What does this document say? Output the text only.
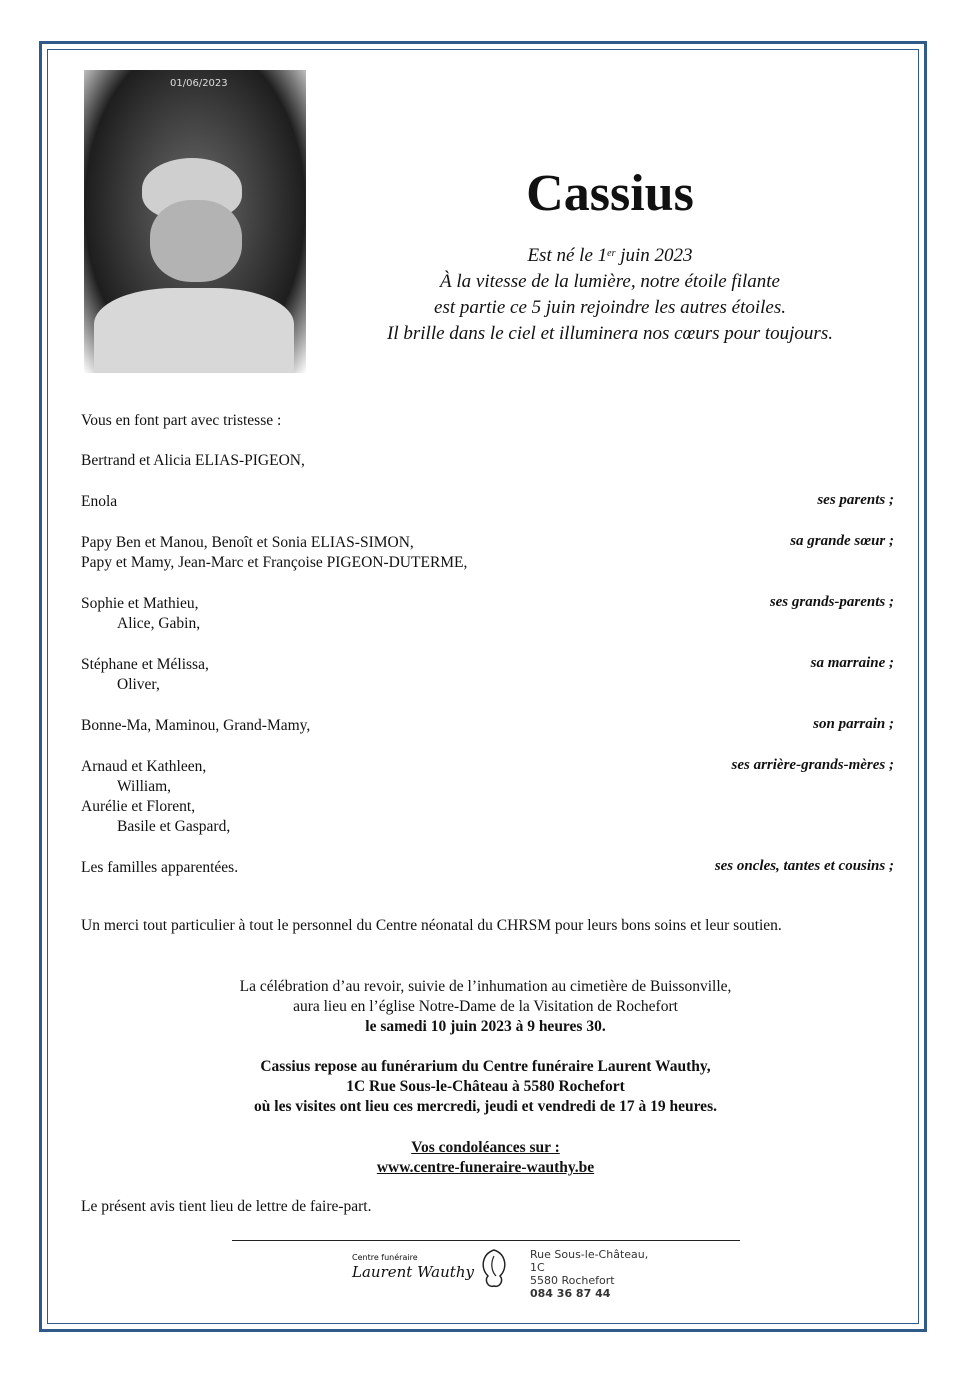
01/06/2023
Cassius
Est né le 1er juin 2023
À la vitesse de la lumière, notre étoile filante
est partie ce 5 juin rejoindre les autres étoiles.
Il brille dans le ciel et illuminera nos cœurs pour toujours.
Vous en font part avec tristesse :
Bertrand et Alicia ELIAS-PIGEON,
ses parents ;
Enola
sa grande sœur ;
Papy Ben et Manou, Benoît et Sonia ELIAS-SIMON,
Papy et Mamy, Jean-Marc et Françoise PIGEON-DUTERME,
ses grands-parents ;
Sophie et Mathieu,
Alice, Gabin,
sa marraine ;
Stéphane et Mélissa,
Oliver,
son parrain ;
Bonne-Ma, Maminou, Grand-Mamy,
ses arrière-grands-mères ;
Arnaud et Kathleen,
William,
Aurélie et Florent,
Basile et Gaspard,
ses oncles, tantes et cousins ;
Les familles apparentées.
Un merci tout particulier à tout le personnel du Centre néonatal du CHRSM pour leurs bons soins et leur soutien.
La célébration d’au revoir, suivie de l’inhumation au cimetière de Buissonville,
aura lieu en l’église Notre-Dame de la Visitation de Rochefort
le samedi 10 juin 2023 à 9 heures 30.
Cassius repose au funérarium du Centre funéraire Laurent Wauthy,
1C Rue Sous-le-Château à 5580 Rochefort
où les visites ont lieu ces mercredi, jeudi et vendredi de 17 à 19 heures.
Vos condoléances sur :
www.centre-funeraire-wauthy.be
Le présent avis tient lieu de lettre de faire-part.
Centre funéraire
Laurent Wauthy
Rue Sous-le-Château, 1C
5580 Rochefort
084 36 87 44
